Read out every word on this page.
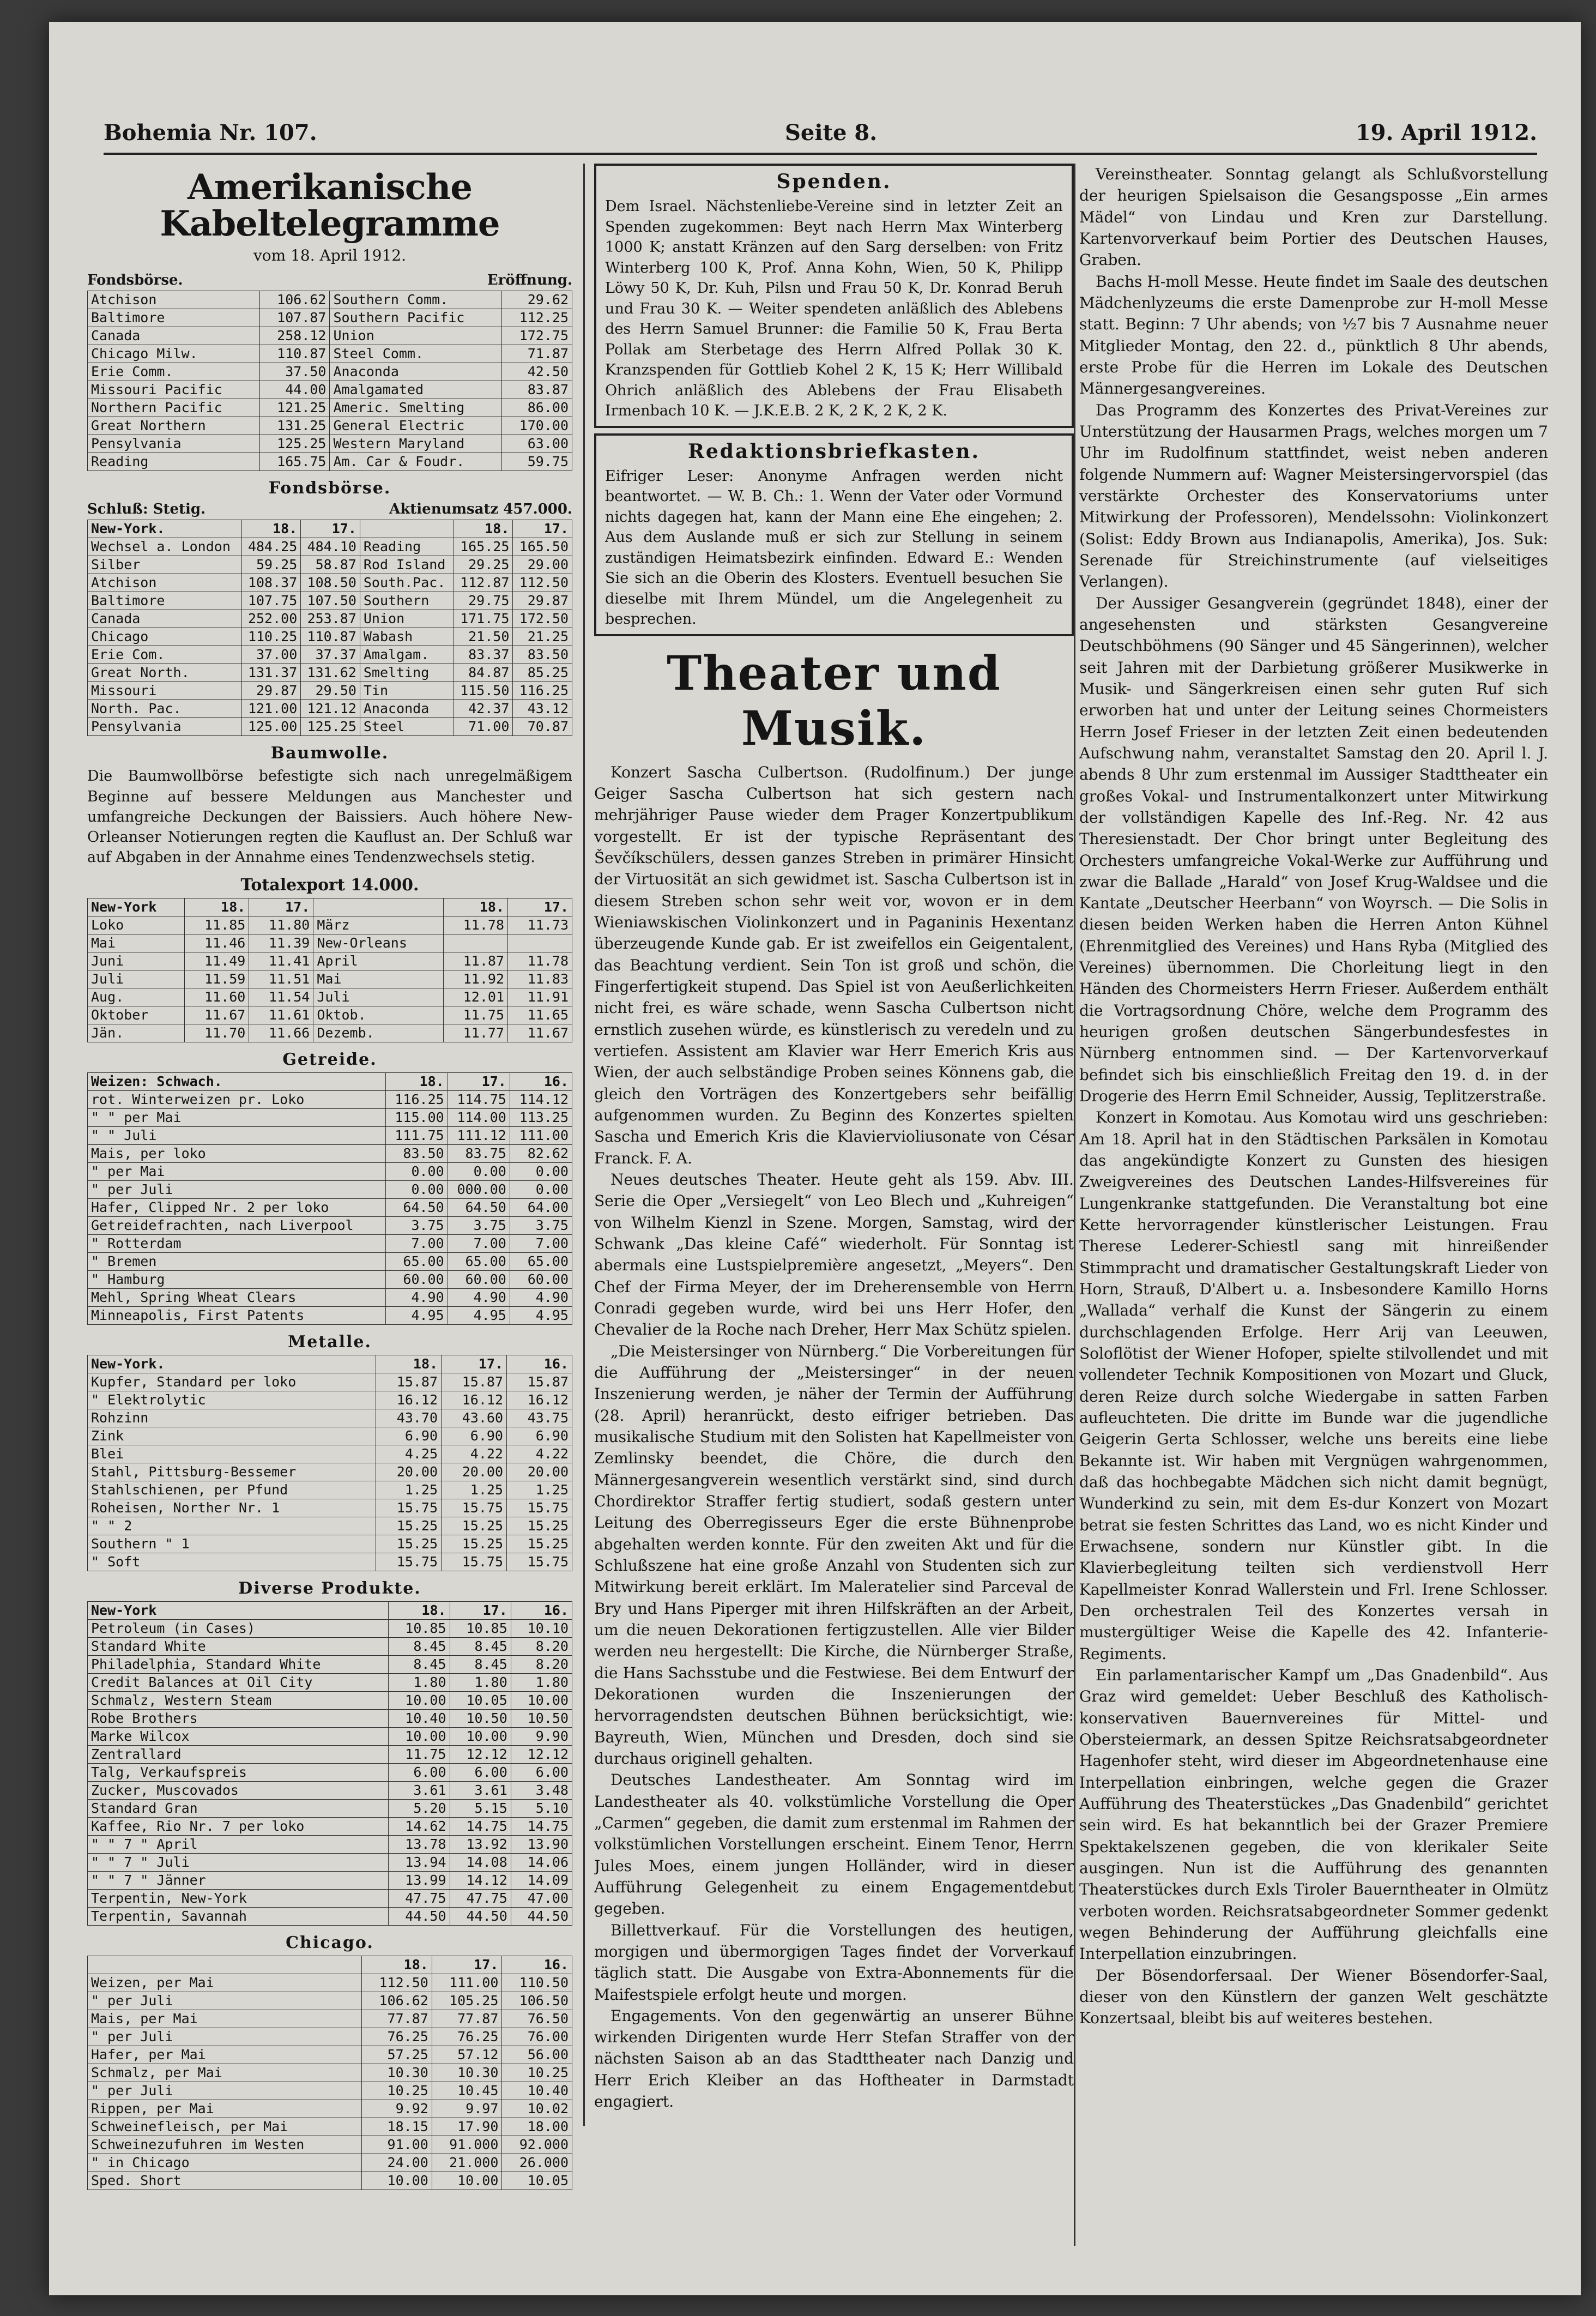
Bohemia Nr. 107.	Seite 8.	19. April 1912.
Amerikanische Kabeltelegramme
vom 18. April 1912.
Fondsbörse.	Eröffnung.
Atchison	106.62	Southern Comm.	29.62
Baltimore	107.87	Southern Pacific	112.25
Canada	258.12	Union	172.75
Chicago Milw.	110.87	Steel Comm.	71.87
Erie Comm.	37.50	Anaconda	42.50
Missouri Pacific	44.00	Amalgamated	83.87
Northern Pacific	121.25	Americ. Smelting	86.00
Great Northern	131.25	General Electric	170.00
Pensylvania	125.25	Western Maryland	63.00
Reading	165.75	Am. Car & Foudr.	59.75
Fondsbörse.
Schluß: Stetig.	Aktienumsatz 457.000.
New-York.	18.	17.		18.	17.
Wechsel a. London	484.25	484.10	Reading	165.25	165.50
Silber	59.25	58.87	Rod Island	29.25	29.00
Atchison	108.37	108.50	South.Pac.	112.87	112.50
Baltimore	107.75	107.50	Southern	29.75	29.87
Canada	252.00	253.87	Union	171.75	172.50
Chicago	110.25	110.87	Wabash	21.50	21.25
Erie Com.	37.00	37.37	Amalgam.	83.37	83.50
Great North.	131.37	131.62	Smelting	84.87	85.25
Missouri	29.87	29.50	Tin	115.50	116.25
North. Pac.	121.00	121.12	Anaconda	42.37	43.12
Pensylvania	125.00	125.25	Steel	71.00	70.87
Baumwolle.

Die Baumwollbörse befestigte sich nach unregelmäßigem Beginne auf bessere Meldungen aus Manchester und umfangreiche Deckungen der Baissiers. Auch höhere New-Orleanser Notierungen regten die Kauflust an. Der Schluß war auf Abgaben in der Annahme eines Tendenzwechsels stetig.

Totalexport 14.000.
New-York	18.	17.		18.	17.
Loko	11.85	11.80	März	11.78	11.73
Mai	11.46	11.39	New-Orleans		
Juni	11.49	11.41	April	11.87	11.78
Juli	11.59	11.51	Mai	11.92	11.83
Aug.	11.60	11.54	Juli	12.01	11.91
Oktober	11.67	11.61	Oktob.	11.75	11.65
Jän.	11.70	11.66	Dezemb.	11.77	11.67
Getreide.
Weizen: Schwach.	18.	17.	16.
rot. Winterweizen pr. Loko	116.25	114.75	114.12
" " per Mai	115.00	114.00	113.25
" " Juli	111.75	111.12	111.00
Mais, per loko	83.50	83.75	82.62
" per Mai	0.00	0.00	0.00
" per Juli	0.00	000.00	0.00
Hafer, Clipped Nr. 2 per loko	64.50	64.50	64.00
Getreidefrachten, nach Liverpool	3.75	3.75	3.75
" Rotterdam	7.00	7.00	7.00
" Bremen	65.00	65.00	65.00
" Hamburg	60.00	60.00	60.00
Mehl, Spring Wheat Clears	4.90	4.90	4.90
Minneapolis, First Patents	4.95	4.95	4.95
Metalle.
New-York.	18.	17.	16.
Kupfer, Standard per loko	15.87	15.87	15.87
" Elektrolytic	16.12	16.12	16.12
Rohzinn	43.70	43.60	43.75
Zink	6.90	6.90	6.90
Blei	4.25	4.22	4.22
Stahl, Pittsburg-Bessemer	20.00	20.00	20.00
Stahlschienen, per Pfund	1.25	1.25	1.25
Roheisen, Norther Nr. 1	15.75	15.75	15.75
" " 2	15.25	15.25	15.25
Southern " 1	15.25	15.25	15.25
" Soft	15.75	15.75	15.75
Diverse Produkte.
New-York	18.	17.	16.
Petroleum (in Cases)	10.85	10.85	10.10
Standard White	8.45	8.45	8.20
Philadelphia, Standard White	8.45	8.45	8.20
Credit Balances at Oil City	1.80	1.80	1.80
Schmalz, Western Steam	10.00	10.05	10.00
Robe Brothers	10.40	10.50	10.50
Marke Wilcox	10.00	10.00	9.90
Zentrallard	11.75	12.12	12.12
Talg, Verkaufspreis	6.00	6.00	6.00
Zucker, Muscovados	3.61	3.61	3.48
Standard Gran	5.20	5.15	5.10
Kaffee, Rio Nr. 7 per loko	14.62	14.75	14.75
" " 7 " April	13.78	13.92	13.90
" " 7 " Juli	13.94	14.08	14.06
" " 7 " Jänner	13.99	14.12	14.09
Terpentin, New-York	47.75	47.75	47.00
Terpentin, Savannah	44.50	44.50	44.50
Chicago.
	18.	17.	16.
Weizen, per Mai	112.50	111.00	110.50
" per Juli	106.62	105.25	106.50
Mais, per Mai	77.87	77.87	76.50
" per Juli	76.25	76.25	76.00
Hafer, per Mai	57.25	57.12	56.00
Schmalz, per Mai	10.30	10.30	10.25
" per Juli	10.25	10.45	10.40
Rippen, per Mai	9.92	9.97	10.02
Schweinefleisch, per Mai	18.15	17.90	18.00
Schweinezufuhren im Westen	91.00	91.000	92.000
" in Chicago	24.00	21.000	26.000
Sped. Short	10.00	10.00	10.05
Spenden.

Dem Israel. Nächstenliebe-Vereine sind in letzter Zeit an Spenden zugekommen: Beyt nach Herrn Max Winterberg 1000 K; anstatt Kränzen auf den Sarg derselben: von Fritz Winterberg 100 K, Prof. Anna Kohn, Wien, 50 K, Philipp Löwy 50 K, Dr. Kuh, Pilsn und Frau 50 K, Dr. Konrad Beruh und Frau 30 K. — Weiter spendeten anläßlich des Ablebens des Herrn Samuel Brunner: die Familie 50 K, Frau Berta Pollak am Sterbetage des Herrn Alfred Pollak 30 K. Kranzspenden für Gottlieb Kohel 2 K, 15 K; Herr Willibald Ohrich anläßlich des Ablebens der Frau Elisabeth Irmenbach 10 K. — J.K.E.B. 2 K, 2 K, 2 K, 2 K.

Redaktionsbriefkasten.

Eifriger Leser: Anonyme Anfragen werden nicht beantwortet. — W. B. Ch.: 1. Wenn der Vater oder Vormund nichts dagegen hat, kann der Mann eine Ehe eingehen; 2. Aus dem Auslande muß er sich zur Stellung in seinem zuständigen Heimatsbezirk einfinden. Edward E.: Wenden Sie sich an die Oberin des Klosters. Eventuell besuchen Sie dieselbe mit Ihrem Mündel, um die Angelegenheit zu besprechen.

Theater und Musik.

Konzert Sascha Culbertson. (Rudolfinum.) Der junge Geiger Sascha Culbertson hat sich gestern nach mehrjähriger Pause wieder dem Prager Konzertpublikum vorgestellt. Er ist der typische Repräsentant des Ševčíkschülers, dessen ganzes Streben in primärer Hinsicht der Virtuosität an sich gewidmet ist. Sascha Culbertson ist in diesem Streben schon sehr weit vor, wovon er in dem Wieniawskischen Violinkonzert und in Paganinis Hexentanz überzeugende Kunde gab. Er ist zweifellos ein Geigentalent, das Beachtung verdient. Sein Ton ist groß und schön, die Fingerfertigkeit stupend. Das Spiel ist von Aeußerlichkeiten nicht frei, es wäre schade, wenn Sascha Culbertson nicht ernstlich zusehen würde, es künstlerisch zu veredeln und zu vertiefen. Assistent am Klavier war Herr Emerich Kris aus Wien, der auch selbständige Proben seines Könnens gab, die gleich den Vorträgen des Konzertgebers sehr beifällig aufgenommen wurden. Zu Beginn des Konzertes spielten Sascha und Emerich Kris die Klaviervioliusonate von César Franck. F. A.

Neues deutsches Theater. Heute geht als 159. Abv. III. Serie die Oper „Versiegelt“ von Leo Blech und „Kuhreigen“ von Wilhelm Kienzl in Szene. Morgen, Samstag, wird der Schwank „Das kleine Café“ wiederholt. Für Sonntag ist abermals eine Lustspielpremière angesetzt, „Meyers“. Den Chef der Firma Meyer, der im Dreherensemble von Herrn Conradi gegeben wurde, wird bei uns Herr Hofer, den Chevalier de la Roche nach Dreher, Herr Max Schütz spielen.

„Die Meistersinger von Nürnberg.“ Die Vorbereitungen für die Aufführung der „Meistersinger“ in der neuen Inszenierung werden, je näher der Termin der Aufführung (28. April) heranrückt, desto eifriger betrieben. Das musikalische Studium mit den Solisten hat Kapellmeister von Zemlinsky beendet, die Chöre, die durch den Männergesangverein wesentlich verstärkt sind, sind durch Chordirektor Straffer fertig studiert, sodaß gestern unter Leitung des Oberregisseurs Eger die erste Bühnenprobe abgehalten werden konnte. Für den zweiten Akt und für die Schlußszene hat eine große Anzahl von Studenten sich zur Mitwirkung bereit erklärt. Im Maleratelier sind Parceval de Bry und Hans Piperger mit ihren Hilfskräften an der Arbeit, um die neuen Dekorationen fertigzustellen. Alle vier Bilder werden neu hergestellt: Die Kirche, die Nürnberger Straße, die Hans Sachsstube und die Festwiese. Bei dem Entwurf der Dekorationen wurden die Inszenierungen der hervorragendsten deutschen Bühnen berücksichtigt, wie: Bayreuth, Wien, München und Dresden, doch sind sie durchaus originell gehalten.

Deutsches Landestheater. Am Sonntag wird im Landestheater als 40. volkstümliche Vorstellung die Oper „Carmen“ gegeben, die damit zum erstenmal im Rahmen der volkstümlichen Vorstellungen erscheint. Einem Tenor, Herrn Jules Moes, einem jungen Holländer, wird in dieser Aufführung Gelegenheit zu einem Engagementdebut gegeben.

Billettverkauf. Für die Vorstellungen des heutigen, morgigen und übermorgigen Tages findet der Vorverkauf täglich statt. Die Ausgabe von Extra-Abonnements für die Maifestspiele erfolgt heute und morgen.

Engagements. Von den gegenwärtig an unserer Bühne wirkenden Dirigenten wurde Herr Stefan Straffer von der nächsten Saison ab an das Stadttheater nach Danzig und Herr Erich Kleiber an das Hoftheater in Darmstadt engagiert.

Vereinstheater. Sonntag gelangt als Schlußvorstellung der heurigen Spielsaison die Gesangsposse „Ein armes Mädel“ von Lindau und Kren zur Darstellung. Kartenvorverkauf beim Portier des Deutschen Hauses, Graben.

Bachs H-moll Messe. Heute findet im Saale des deutschen Mädchenlyzeums die erste Damenprobe zur H-moll Messe statt. Beginn: 7 Uhr abends; von ½7 bis 7 Ausnahme neuer Mitglieder Montag, den 22. d., pünktlich 8 Uhr abends, erste Probe für die Herren im Lokale des Deutschen Männergesangvereines.

Das Programm des Konzertes des Privat-Vereines zur Unterstützung der Hausarmen Prags, welches morgen um 7 Uhr im Rudolfinum stattfindet, weist neben anderen folgende Nummern auf: Wagner Meistersingervorspiel (das verstärkte Orchester des Konservatoriums unter Mitwirkung der Professoren), Mendelssohn: Violinkonzert (Solist: Eddy Brown aus Indianapolis, Amerika), Jos. Suk: Serenade für Streichinstrumente (auf vielseitiges Verlangen).

Der Aussiger Gesangverein (gegründet 1848), einer der angesehensten und stärksten Gesangvereine Deutschböhmens (90 Sänger und 45 Sängerinnen), welcher seit Jahren mit der Darbietung größerer Musikwerke in Musik- und Sängerkreisen einen sehr guten Ruf sich erworben hat und unter der Leitung seines Chormeisters Herrn Josef Frieser in der letzten Zeit einen bedeutenden Aufschwung nahm, veranstaltet Samstag den 20. April l. J. abends 8 Uhr zum erstenmal im Aussiger Stadttheater ein großes Vokal- und Instrumentalkonzert unter Mitwirkung der vollständigen Kapelle des Inf.-Reg. Nr. 42 aus Theresienstadt. Der Chor bringt unter Begleitung des Orchesters umfangreiche Vokal-Werke zur Aufführung und zwar die Ballade „Harald“ von Josef Krug-Waldsee und die Kantate „Deutscher Heerbann“ von Woyrsch. — Die Solis in diesen beiden Werken haben die Herren Anton Kühnel (Ehrenmitglied des Vereines) und Hans Ryba (Mitglied des Vereines) übernommen. Die Chorleitung liegt in den Händen des Chormeisters Herrn Frieser. Außerdem enthält die Vortragsordnung Chöre, welche dem Programm des heurigen großen deutschen Sängerbundesfestes in Nürnberg entnommen sind. — Der Kartenvorverkauf befindet sich bis einschließlich Freitag den 19. d. in der Drogerie des Herrn Emil Schneider, Aussig, Teplitzerstraße.

Konzert in Komotau. Aus Komotau wird uns geschrieben: Am 18. April hat in den Städtischen Parksälen in Komotau das angekündigte Konzert zu Gunsten des hiesigen Zweigvereines des Deutschen Landes-Hilfsvereines für Lungenkranke stattgefunden. Die Veranstaltung bot eine Kette hervorragender künstlerischer Leistungen. Frau Therese Lederer-Schiestl sang mit hinreißender Stimmpracht und dramatischer Gestaltungskraft Lieder von Horn, Strauß, D'Albert u. a. Insbesondere Kamillo Horns „Wallada“ verhalf die Kunst der Sängerin zu einem durchschlagenden Erfolge. Herr Arij van Leeuwen, Soloflötist der Wiener Hofoper, spielte stilvollendet und mit vollendeter Technik Kompositionen von Mozart und Gluck, deren Reize durch solche Wiedergabe in satten Farben aufleuchteten. Die dritte im Bunde war die jugendliche Geigerin Gerta Schlosser, welche uns bereits eine liebe Bekannte ist. Wir haben mit Vergnügen wahrgenommen, daß das hochbegabte Mädchen sich nicht damit begnügt, Wunderkind zu sein, mit dem Es-dur Konzert von Mozart betrat sie festen Schrittes das Land, wo es nicht Kinder und Erwachsene, sondern nur Künstler gibt. In die Klavierbegleitung teilten sich verdienstvoll Herr Kapellmeister Konrad Wallerstein und Frl. Irene Schlosser. Den orchestralen Teil des Konzertes versah in mustergültiger Weise die Kapelle des 42. Infanterie-Regiments.

Ein parlamentarischer Kampf um „Das Gnadenbild“. Aus Graz wird gemeldet: Ueber Beschluß des Katholisch-konservativen Bauernvereines für Mittel- und Obersteiermark, an dessen Spitze Reichsratsabgeordneter Hagenhofer steht, wird dieser im Abgeordnetenhause eine Interpellation einbringen, welche gegen die Grazer Aufführung des Theaterstückes „Das Gnadenbild“ gerichtet sein wird. Es hat bekanntlich bei der Grazer Premiere Spektakelszenen gegeben, die von klerikaler Seite ausgingen. Nun ist die Aufführung des genannten Theaterstückes durch Exls Tiroler Bauerntheater in Olmütz verboten worden. Reichsratsabgeordneter Sommer gedenkt wegen Behinderung der Aufführung gleichfalls eine Interpellation einzubringen.

Der Bösendorfersaal. Der Wiener Bösendorfer-Saal, dieser von den Künstlern der ganzen Welt geschätzte Konzertsaal, bleibt bis auf weiteres bestehen.
